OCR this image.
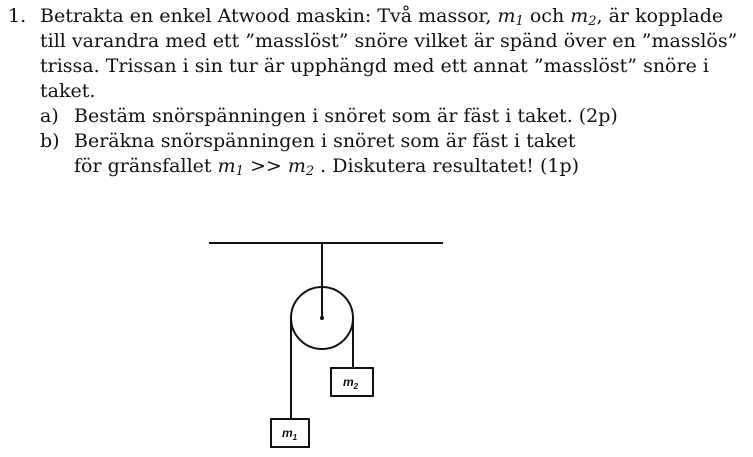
1. Betrakta en enkel Atwood maskin: Två massor, $m_1$ och $m_2$, är kopplade till varandra med ett ”masslöst” snöre vilket är spänd över en ”masslös” trissa. Trissan i sin tur är upphängd med ett annat ”masslöst” snöre i taket.
a) Bestäm snörspänningen i snöret som är fäst i taket. (2p)
b) Beräkna snörspänningen i snöret som är fäst i taket
för gränsfallet $m_1 >> m_2$ . Diskutera resultatet! (1p)
$m_1$
$m_2$
